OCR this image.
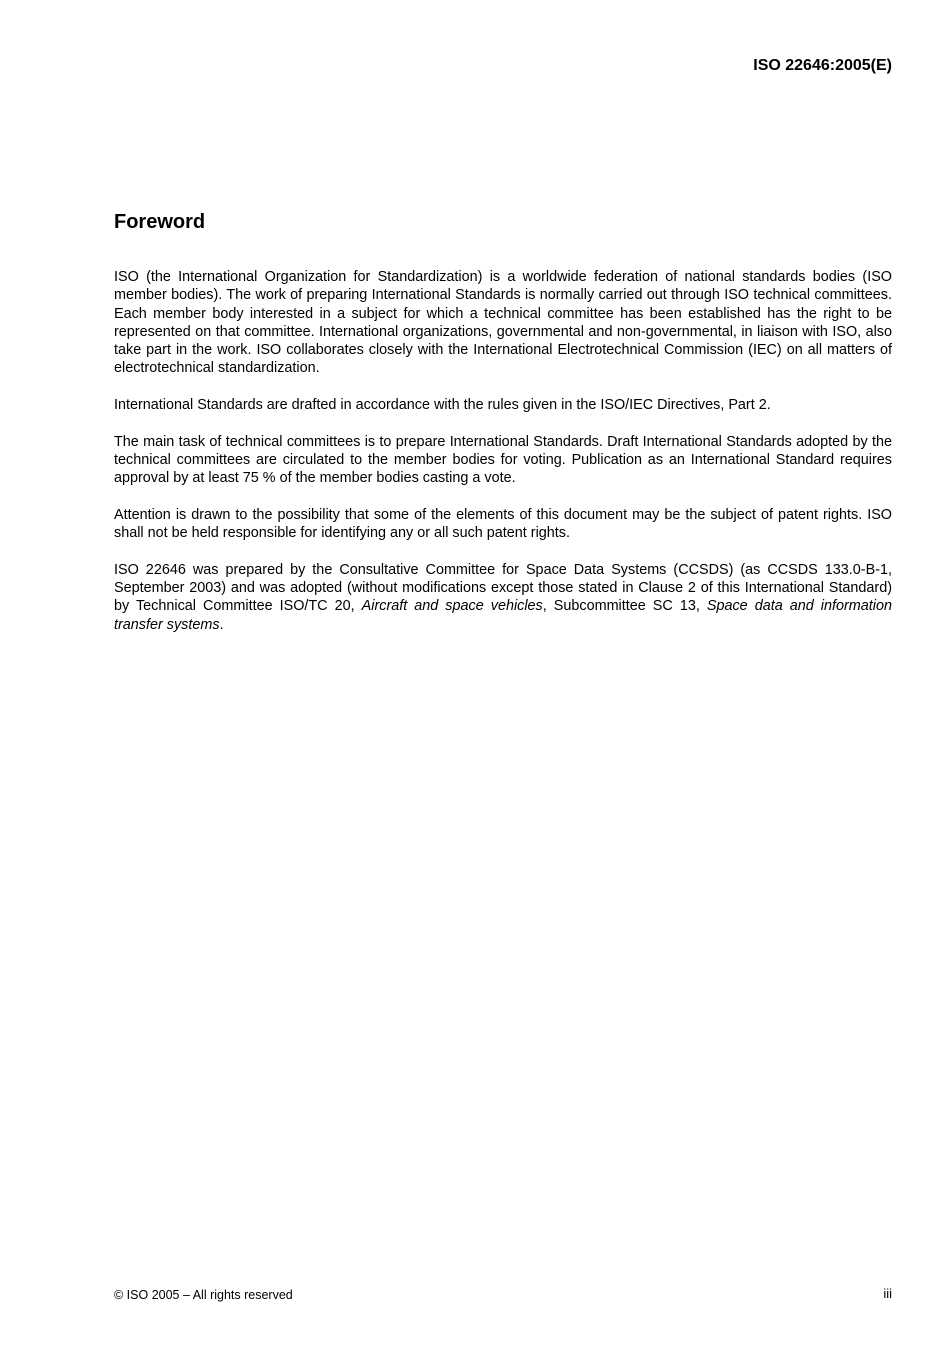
ISO 22646:2005(E)
Foreword

ISO (the International Organization for Standardization) is a worldwide federation of national standards bodies (ISO member bodies). The work of preparing International Standards is normally carried out through ISO technical committees. Each member body interested in a subject for which a technical committee has been established has the right to be represented on that committee. International organizations, governmental and non-governmental, in liaison with ISO, also take part in the work. ISO collaborates closely with the International Electrotechnical Commission (IEC) on all matters of electrotechnical standardization.

International Standards are drafted in accordance with the rules given in the ISO/IEC Directives, Part 2.

The main task of technical committees is to prepare International Standards. Draft International Standards adopted by the technical committees are circulated to the member bodies for voting. Publication as an International Standard requires approval by at least 75 % of the member bodies casting a vote.

Attention is drawn to the possibility that some of the elements of this document may be the subject of patent rights. ISO shall not be held responsible for identifying any or all such patent rights.

ISO 22646 was prepared by the Consultative Committee for Space Data Systems (CCSDS) (as CCSDS 133.0-B-1, September 2003) and was adopted (without modifications except those stated in Clause 2 of this International Standard) by Technical Committee ISO/TC 20, Aircraft and space vehicles, Subcommittee SC 13, Space data and information transfer systems.

© ISO 2005 – All rights reserved	iii
